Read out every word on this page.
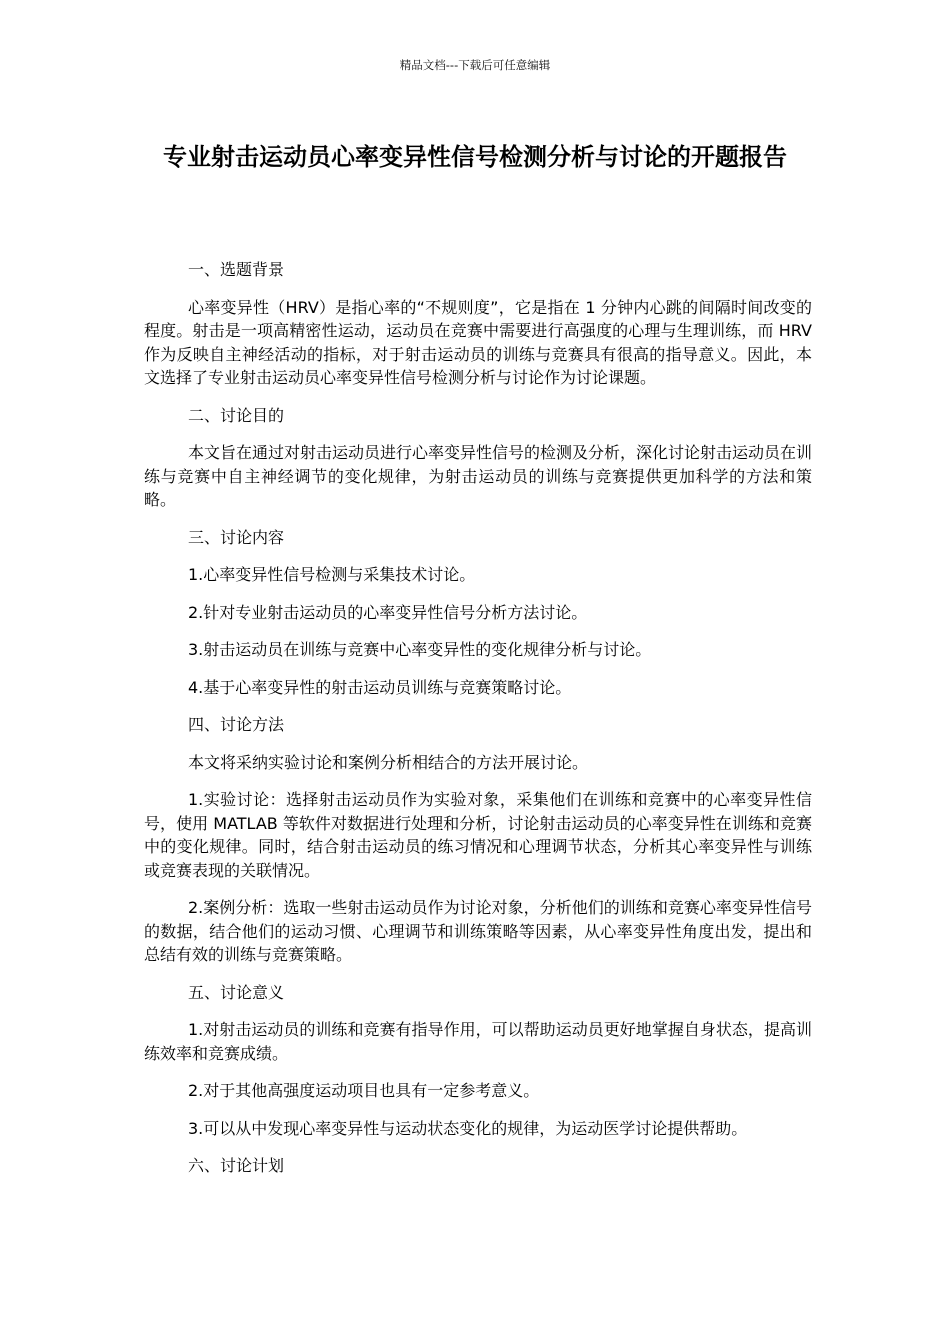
精品文档---下载后可任意编辑
专业射击运动员心率变异性信号检测分析与讨论的开题报告

一、选题背景

心率变异性（HRV）是指心率的“不规则度”，它是指在 1 分钟内心跳的间隔时间改变的程度。射击是一项高精密性运动，运动员在竞赛中需要进行高强度的心理与生理训练，而 HRV 作为反映自主神经活动的指标，对于射击运动员的训练与竞赛具有很高的指导意义。因此，本文选择了专业射击运动员心率变异性信号检测分析与讨论作为讨论课题。

二、讨论目的

本文旨在通过对射击运动员进行心率变异性信号的检测及分析，深化讨论射击运动员在训练与竞赛中自主神经调节的变化规律，为射击运动员的训练与竞赛提供更加科学的方法和策略。

三、讨论内容

1.心率变异性信号检测与采集技术讨论。

2.针对专业射击运动员的心率变异性信号分析方法讨论。

3.射击运动员在训练与竞赛中心率变异性的变化规律分析与讨论。

4.基于心率变异性的射击运动员训练与竞赛策略讨论。

四、讨论方法

本文将采纳实验讨论和案例分析相结合的方法开展讨论。

1.实验讨论：选择射击运动员作为实验对象，采集他们在训练和竞赛中的心率变异性信号，使用 MATLAB 等软件对数据进行处理和分析，讨论射击运动员的心率变异性在训练和竞赛中的变化规律。同时，结合射击运动员的练习情况和心理调节状态，分析其心率变异性与训练或竞赛表现的关联情况。

2.案例分析：选取一些射击运动员作为讨论对象，分析他们的训练和竞赛心率变异性信号的数据，结合他们的运动习惯、心理调节和训练策略等因素，从心率变异性角度出发，提出和总结有效的训练与竞赛策略。

五、讨论意义

1.对射击运动员的训练和竞赛有指导作用，可以帮助运动员更好地掌握自身状态，提高训练效率和竞赛成绩。

2.对于其他高强度运动项目也具有一定参考意义。

3.可以从中发现心率变异性与运动状态变化的规律，为运动医学讨论提供帮助。

六、讨论计划
